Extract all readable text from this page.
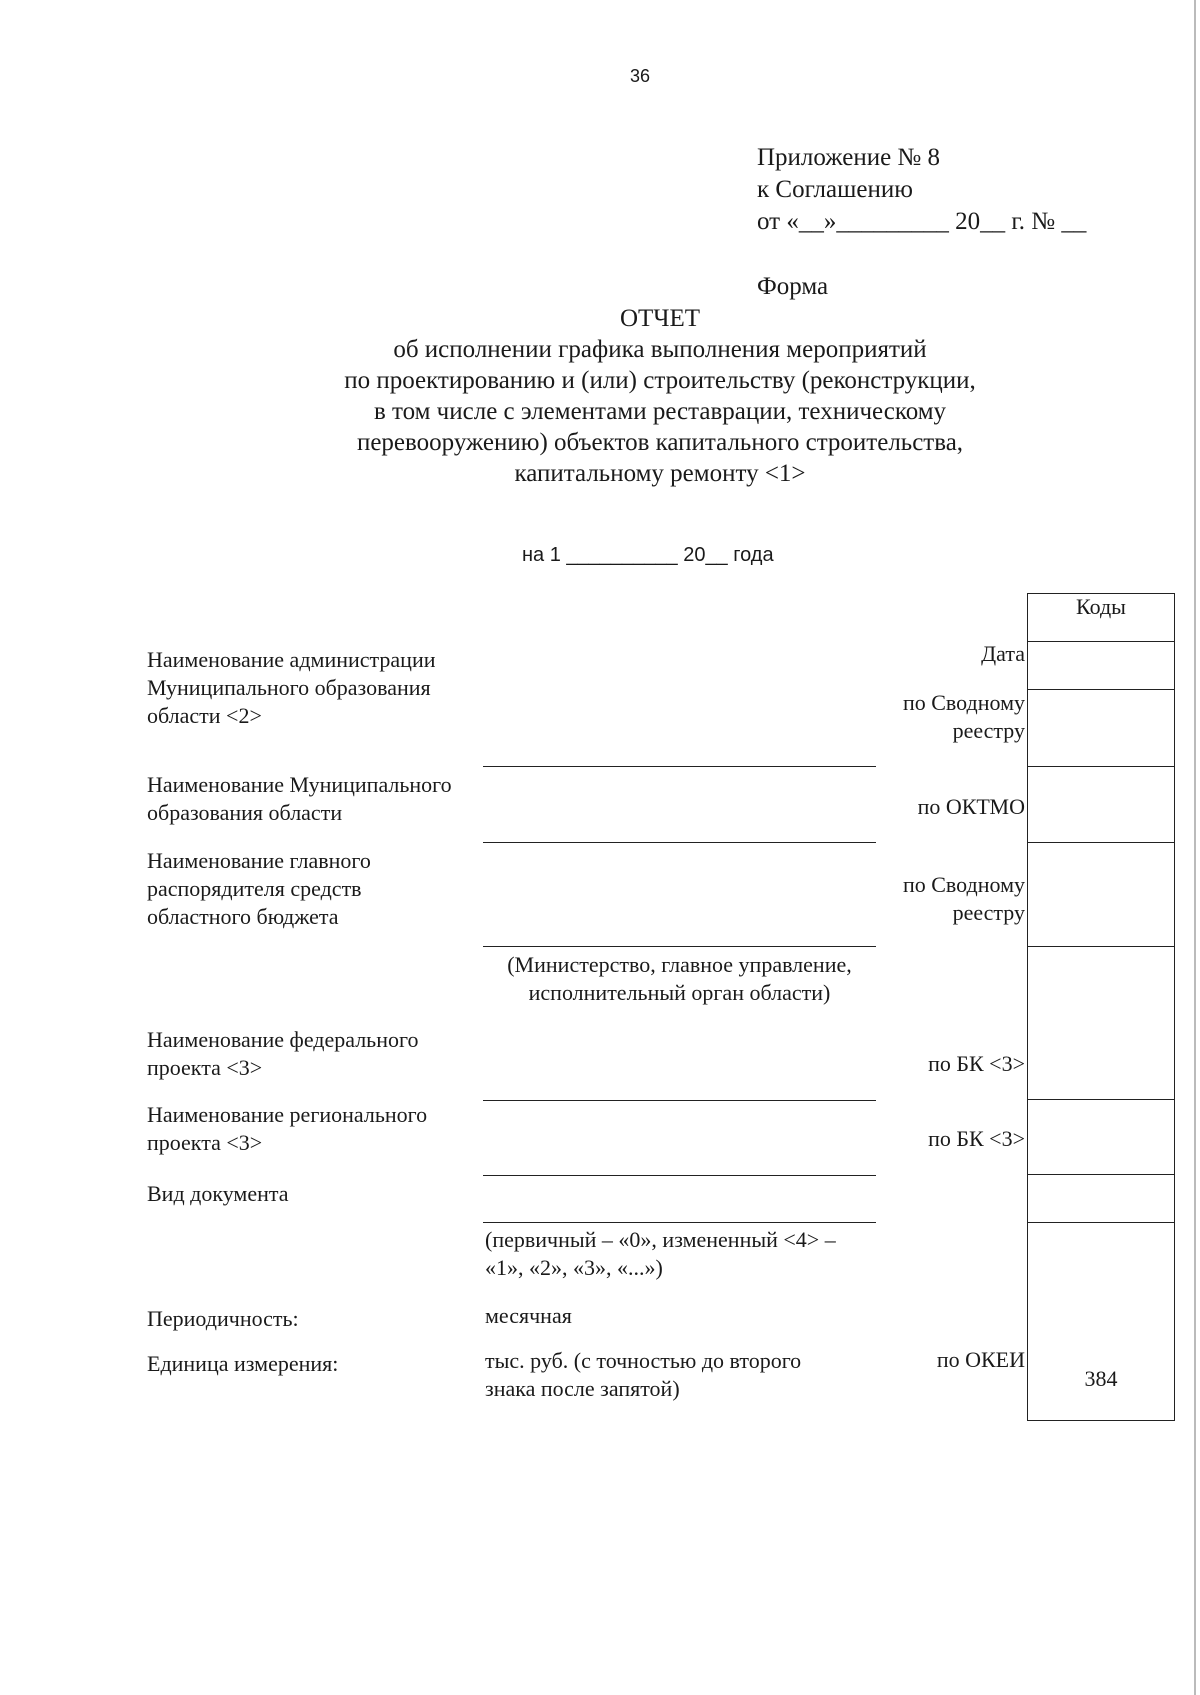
36
Приложение № 8
к Соглашению
от «__»_________ 20__ г. № __
Форма
ОТЧЕТ
об исполнении графика выполнения мероприятий
по проектированию и (или) строительству (реконструкции,
в том числе с элементами реставрации, техническому
перевооружению) объектов капитального строительства,
капитальному ремонту <1>
на 1 __________ 20__ года
Коды
384
Дата
по Сводному
реестру
по ОКТМО
по Сводному
реестру
по БК <3>
по БК <3>
по ОКЕИ
Наименование администрации
Муниципального образования
области <2>
Наименование Муниципального
образования области
Наименование главного
распорядителя средств
областного бюджета
(Министерство, главное управление,
исполнительный орган области)
Наименование федерального
проекта <3>
Наименование регионального
проекта <3>
Вид документа
(первичный – «0», измененный <4> –
«1», «2», «3», «...»)
Периодичность:	месячная
Единица измерения:	тыс. руб. (с точностью до второго
знака после запятой)
